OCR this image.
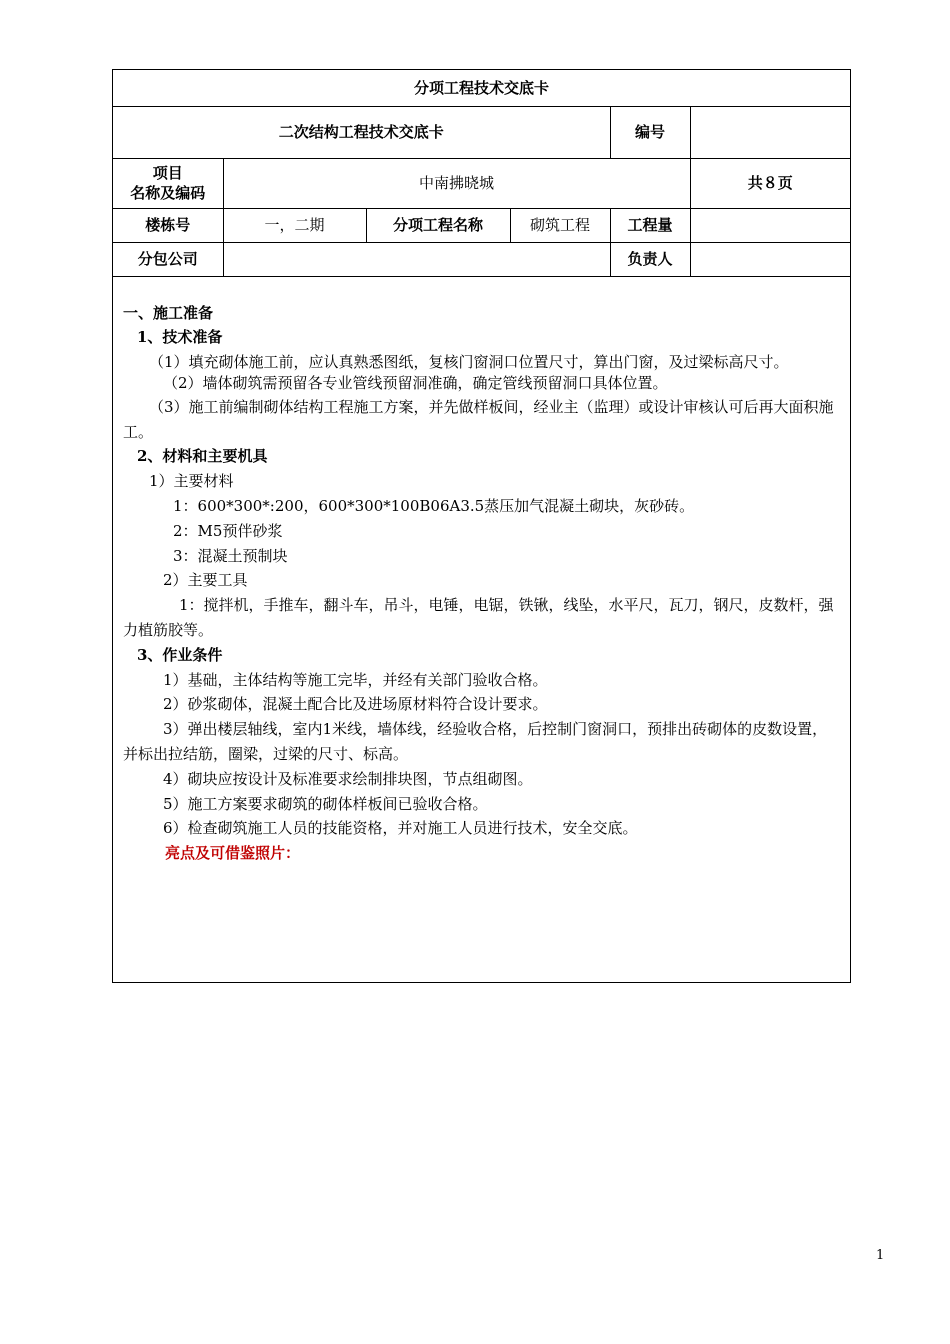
分项工程技术交底卡					
二次结构工程技术交底卡				编号	
项目
名称及编码	中南拂晓城				共８页
楼栋号	一，二期	分项工程名称	砌筑工程	工程量	
分包公司				负责人	

一、施工准备

1、技术准备

（1）填充砌体施工前，应认真熟悉图纸，复核门窗洞口位置尺寸，算出门窗，及过梁标高尺寸。

（2）墙体砌筑需预留各专业管线预留洞准确，确定管线预留洞口具体位置。

（3）施工前编制砌体结构工程施工方案，并先做样板间，经业主（监理）或设计审核认可后再大面积施工。

2、材料和主要机具

1）主要材料

1：600*300*:200，600*300*100B06A3.5蒸压加气混凝土砌块，灰砂砖。

2：M5预伴砂浆

3：混凝土预制块

2）主要工具

1：搅拌机，手推车，翻斗车，吊斗，电锤，电锯，铁锹，线坠，水平尺，瓦刀，钢尺，皮数杆，强力植筋胶等。

3、作业条件

1）基础，主体结构等施工完毕，并经有关部门验收合格。

2）砂浆砌体，混凝土配合比及进场原材料符合设计要求。

3）弹出楼层轴线，室内1米线，墙体线，经验收合格，后控制门窗洞口，预排出砖砌体的皮数设置，并标出拉结筋，圈梁，过梁的尺寸、标高。

4）砌块应按设计及标准要求绘制排块图，节点组砌图。

5）施工方案要求砌筑的砌体样板间已验收合格。

6）检查砌筑施工人员的技能资格，并对施工人员进行技术，安全交底。

亮点及可借鉴照片：

1
